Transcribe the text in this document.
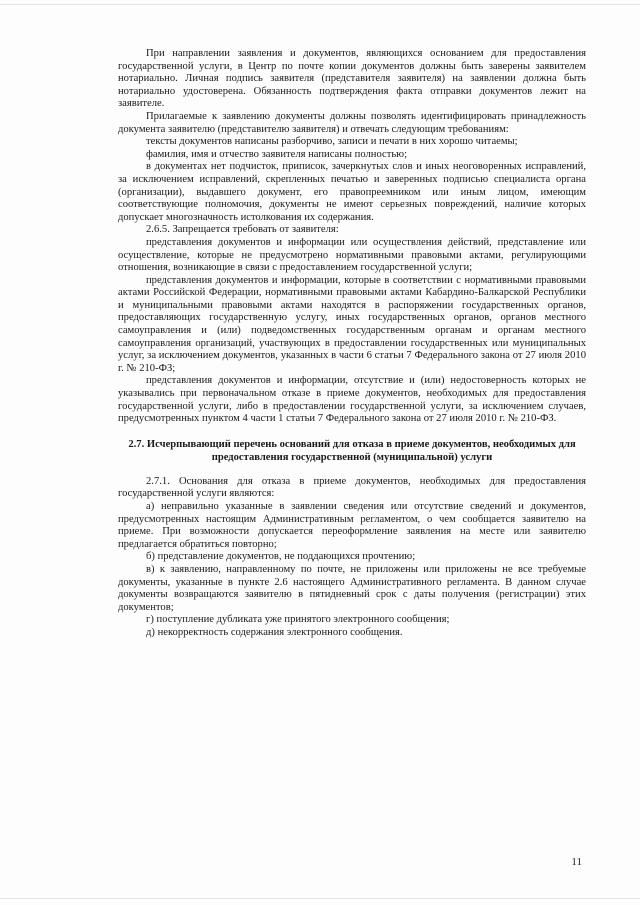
При направлении заявления и документов, являющихся основанием для предоставления государственной услуги, в Центр по почте копии документов должны быть заверены заявителем нотариально. Личная подпись заявителя (представителя заявителя) на заявлении должна быть нотариально удостоверена. Обязанность подтверждения факта отправки документов лежит на заявителе.

Прилагаемые к заявлению документы должны позволять идентифицировать принадлежность документа заявителю (представителю заявителя) и отвечать следующим требованиям:

тексты документов написаны разборчиво, записи и печати в них хорошо читаемы;

фамилия, имя и отчество заявителя написаны полностью;

в документах нет подчисток, приписок, зачеркнутых слов и иных неоговоренных исправлений, за исключением исправлений, скрепленных печатью и заверенных подписью специалиста органа (организации), выдавшего документ, его правопреемником или иным лицом, имеющим соответствующие полномочия, документы не имеют серьезных повреждений, наличие которых допускает многозначность истолкования их содержания.

2.6.5. Запрещается требовать от заявителя:

представления документов и информации или осуществления действий, представление или осуществление, которые не предусмотрено нормативными правовыми актами, регулирующими отношения, возникающие в связи с предоставлением государственной услуги;

представления документов и информации, которые в соответствии с нормативными правовыми актами Российской Федерации, нормативными правовыми актами Кабардино-Балкарской Республики и муниципальными правовыми актами находятся в распоряжении государственных органов, предоставляющих государственную услугу, иных государственных органов, органов местного самоуправления и (или) подведомственных государственным органам и органам местного самоуправления организаций, участвующих в предоставлении государственных или муниципальных услуг, за исключением документов, указанных в части 6 статьи 7 Федерального закона от 27 июля 2010 г. № 210-ФЗ;

представления документов и информации, отсутствие и (или) недостоверность которых не указывались при первоначальном отказе в приеме документов, необходимых для предоставления государственной услуги, либо в предоставлении государственной услуги, за исключением случаев, предусмотренных пунктом 4 части 1 статьи 7 Федерального закона от 27 июля 2010 г. № 210-ФЗ.

2.7. Исчерпывающий перечень оснований для отказа в приеме документов, необходимых для предоставления государственной (муниципальной) услуги

2.7.1. Основания для отказа в приеме документов, необходимых для предоставления государственной услуги являются:

а) неправильно указанные в заявлении сведения или отсутствие сведений и документов, предусмотренных настоящим Административным регламентом, о чем сообщается заявителю на приеме. При возможности допускается переоформление заявления на месте или заявителю предлагается обратиться повторно;

б) представление документов, не поддающихся прочтению;

в) к заявлению, направленному по почте, не приложены или приложены не все требуемые документы, указанные в пункте 2.6 настоящего Административного регламента. В данном случае документы возвращаются заявителю в пятидневный срок с даты получения (регистрации) этих документов;

г) поступление дубликата уже принятого электронного сообщения;

д) некорректность содержания электронного сообщения.

11
